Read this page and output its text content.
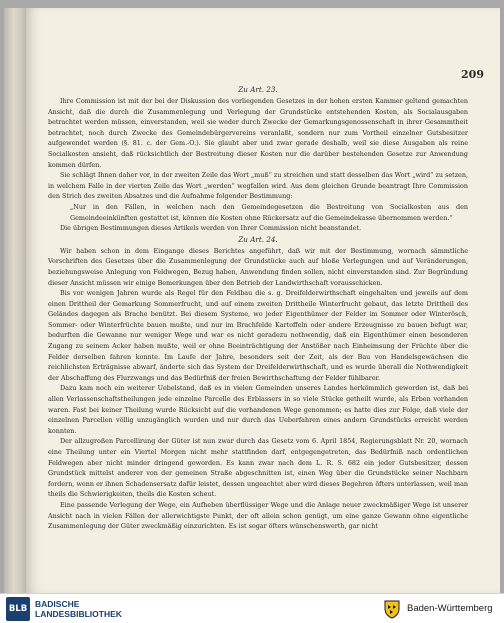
209
Zu Art. 23.

Ihre Commission ist mit der bei der Diskussion des vorliegenden Gesetzes in der hohen ersten Kammer geltend gemachten Ansicht, daß die durch die Zusammenlegung und Verlegung der Grundstücke entstehenden Kosten, als Socialausgaben betrachtet werden müssen, einverstanden, weil sie weder durch Zwecke der Gemarkungsgenossenschaft in ihrer Gesammtheit betrachtet, noch durch Zwecke des Gemeindebürgervereins veranlaßt, sondern nur zum Vortheil einzelner Gutsbesitzer aufgewendet werden (§. 81. c. der Gem.-O.). Sie glaubt aber und zwar gerade deshalb, weil sie diese Ausgaben als reine Socialkosten ansieht, daß rücksichtlich der Bestreitung dieser Kosten nur die darüber bestehenden Gesetze zur Anwendung kommen dürfen.

Sie schlägt Ihnen daher vor, in der zweiten Zeile das Wort „muß“ zu streichen und statt desselben das Wort „wird“ zu setzen, in welchem Falle in der vierten Zeile das Wort „werden“ wegfallen wird. Aus dem gleichen Grunde beantragt Ihre Commission den Strich des zweiten Absatzes und die Aufnahme folgender Bestimmung:

„Nur in den Fällen, in welchen nach den Gemeindegesetzen die Bestreitung von Socialkosten aus den Gemeindeeinkünften gestattet ist, können die Kosten ohne Rückersatz auf die Gemeindekasse übernommen werden.“

Die übrigen Bestimmungen dieses Artikels werden von Ihrer Commission nicht beanstandet.

Zu Art. 24.

Wir haben schon in dem Eingange dieses Berichtes angeführt, daß wir mit der Bestimmung, wornach sämmtliche Vorschriften des Gesetzes über die Zusammenlegung der Grundstücke auch auf bloße Verlegungen und auf Veränderungen, beziehungsweise Anlegung von Feldwegen, Bezug haben, Anwendung finden sollen, nicht einverstanden sind. Zur Begründung dieser Ansicht müssen wir einige Bemerkungen über den Betrieb der Landwirthschaft vorausschicken.

Bis vor wenigen Jahren wurde als Regel für den Feldbau die s. g. Dreifelderwirthschaft eingehalten und jeweils auf dem einen Drittheil der Gemarkung Sommerfrucht, und auf einem zweiten Drittheile Winterfrucht gebaut, das letzte Drittheil des Geländes dagegen als Brache benützt. Bei diesem Systeme, wo jeder Eigenthümer der Felder im Sommer oder Winterösch, Sommer- oder Winterfrüchte bauen mußte, und nur im Brachfelde Kartoffeln oder andere Erzeugnisse zu bauen befugt war, bedurften die Gewanne nur weniger Wege und war es nicht geradezu nothwendig, daß ein Eigenthümer einen besonderen Zugang zu seinem Acker haben mußte, weil er ohne Beeinträchtigung der Anstößer nach Einheimsung der Früchte über die Felder derselben fahren konnte. Im Laufe der Jahre, besonders seit der Zeit, als der Bau von Handelsgewächsen die reichlichsten Erträgnisse abwarf, änderte sich das System der Dreifelderwirthschaft, und es wurde überall die Nothwendigkeit der Abschaffung des Flurzwangs und das Bedürfniß der freien Bewirthschaftung der Felder fühlbarer.

Dazu kam noch ein weiterer Uebelstand, daß es in vielen Gemeinden unseres Landes herkömmlich geworden ist, daß bei allen Verlassenschaftstheilungen jede einzelne Parcelle des Erblassers in so viele Stücke getheilt wurde, als Erben vorhanden waren. Fast bei keiner Theilung wurde Rücksicht auf die vorhandenen Wege genommen; es hatte dies zur Folge, daß viele der einzelnen Parcellen völlig unzugänglich wurden und nur durch das Ueberfahren eines andern Grundstücks erreicht werden konnten.

Der allzugroßen Parcellirung der Güter ist nun zwar durch das Gesetz vom 6. April 1854, Regierungsblatt Nr. 20, wornach eine Theilung unter ein Viertel Morgen nicht mehr stattfinden darf, entgegengetreten, das Bedürfniß nach ordentlichen Feldwegen aber nicht minder dringend geworden. Es kann zwar nach dem L. R. S. 682 ein jeder Gutsbesitzer, dessen Grundstück mittelst anderer von der gemeinen Straße abgeschnitten ist, einen Weg über die Grundstücke seiner Nachbarn fordern, wenn er ihnen Schadensersatz dafür leistet, dessen ungeachtet aber wird dieses Begehren öfters unterlassen, weil man theils die Schwierigkeiten, theils die Kosten scheut.

Eine passende Verlegung der Wege, ein Aufheben überflüssiger Wege und die Anlage neuer zweckmäßiger Wege ist unserer Ansicht nach in vielen Fällen der allerwichtigste Punkt, der oft allein schon genügt, um eine ganze Gewann ohne eigentliche Zusammenlegung der Güter zweckmäßig einzurichten. Es ist sogar öfters wünschenswerth, gar nicht

BLB BADISCHE
LANDESBIBLIOTHEK	Baden-Württemberg
